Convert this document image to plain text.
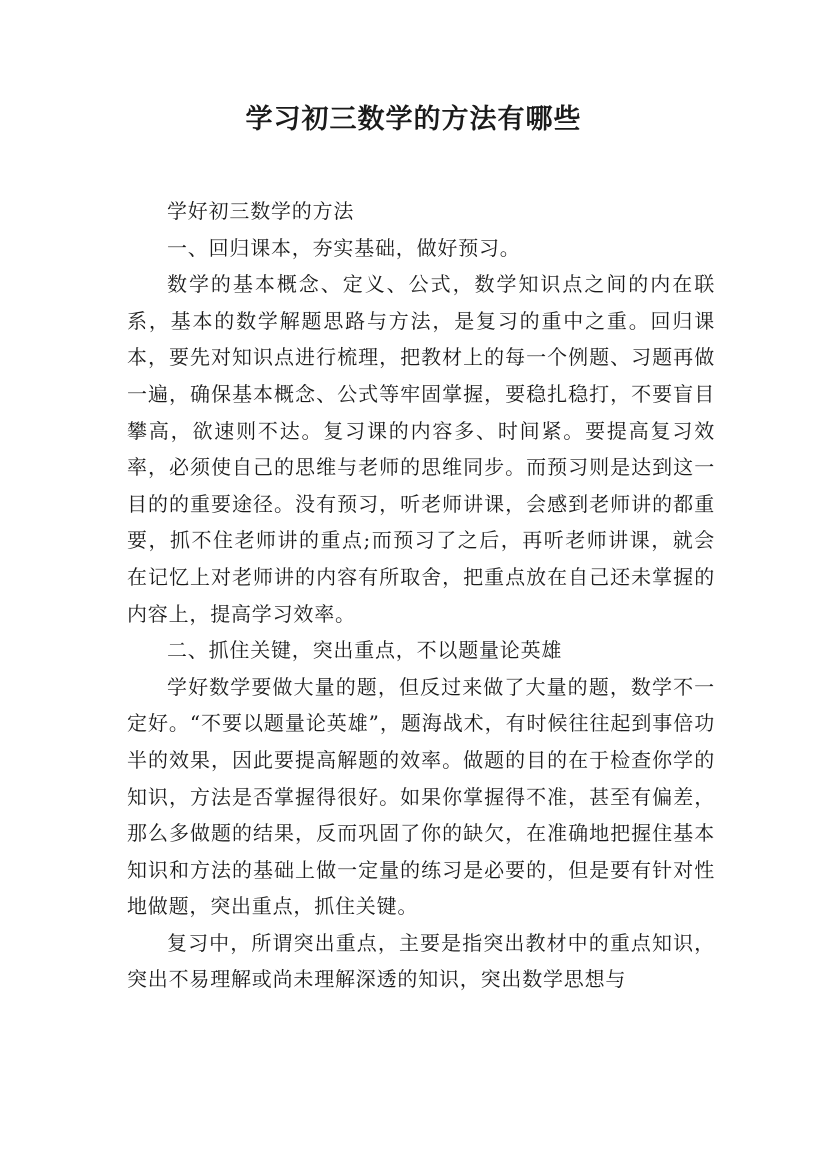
学习初三数学的方法有哪些

学好初三数学的方法

一、回归课本，夯实基础，做好预习。

数学的基本概念、定义、公式，数学知识点之间的内在联系，基本的数学解题思路与方法，是复习的重中之重。回归课本，要先对知识点进行梳理，把教材上的每一个例题、习题再做一遍，确保基本概念、公式等牢固掌握，要稳扎稳打，不要盲目攀高，欲速则不达。复习课的内容多、时间紧。要提高复习效率，必须使自己的思维与老师的思维同步。而预习则是达到这一目的的重要途径。没有预习，听老师讲课，会感到老师讲的都重要，抓不住老师讲的重点;而预习了之后，再听老师讲课，就会在记忆上对老师讲的内容有所取舍，把重点放在自己还未掌握的内容上，提高学习效率。

二、抓住关键，突出重点，不以题量论英雄

学好数学要做大量的题，但反过来做了大量的题，数学不一定好。“不要以题量论英雄”，题海战术，有时候往往起到事倍功半的效果，因此要提高解题的效率。做题的目的在于检查你学的知识，方法是否掌握得很好。如果你掌握得不准，甚至有偏差，那么多做题的结果，反而巩固了你的缺欠，在准确地把握住基本知识和方法的基础上做一定量的练习是必要的，但是要有针对性地做题，突出重点，抓住关键。

复习中，所谓突出重点，主要是指突出教材中的重点知识，突出不易理解或尚未理解深透的知识，突出数学思想与
